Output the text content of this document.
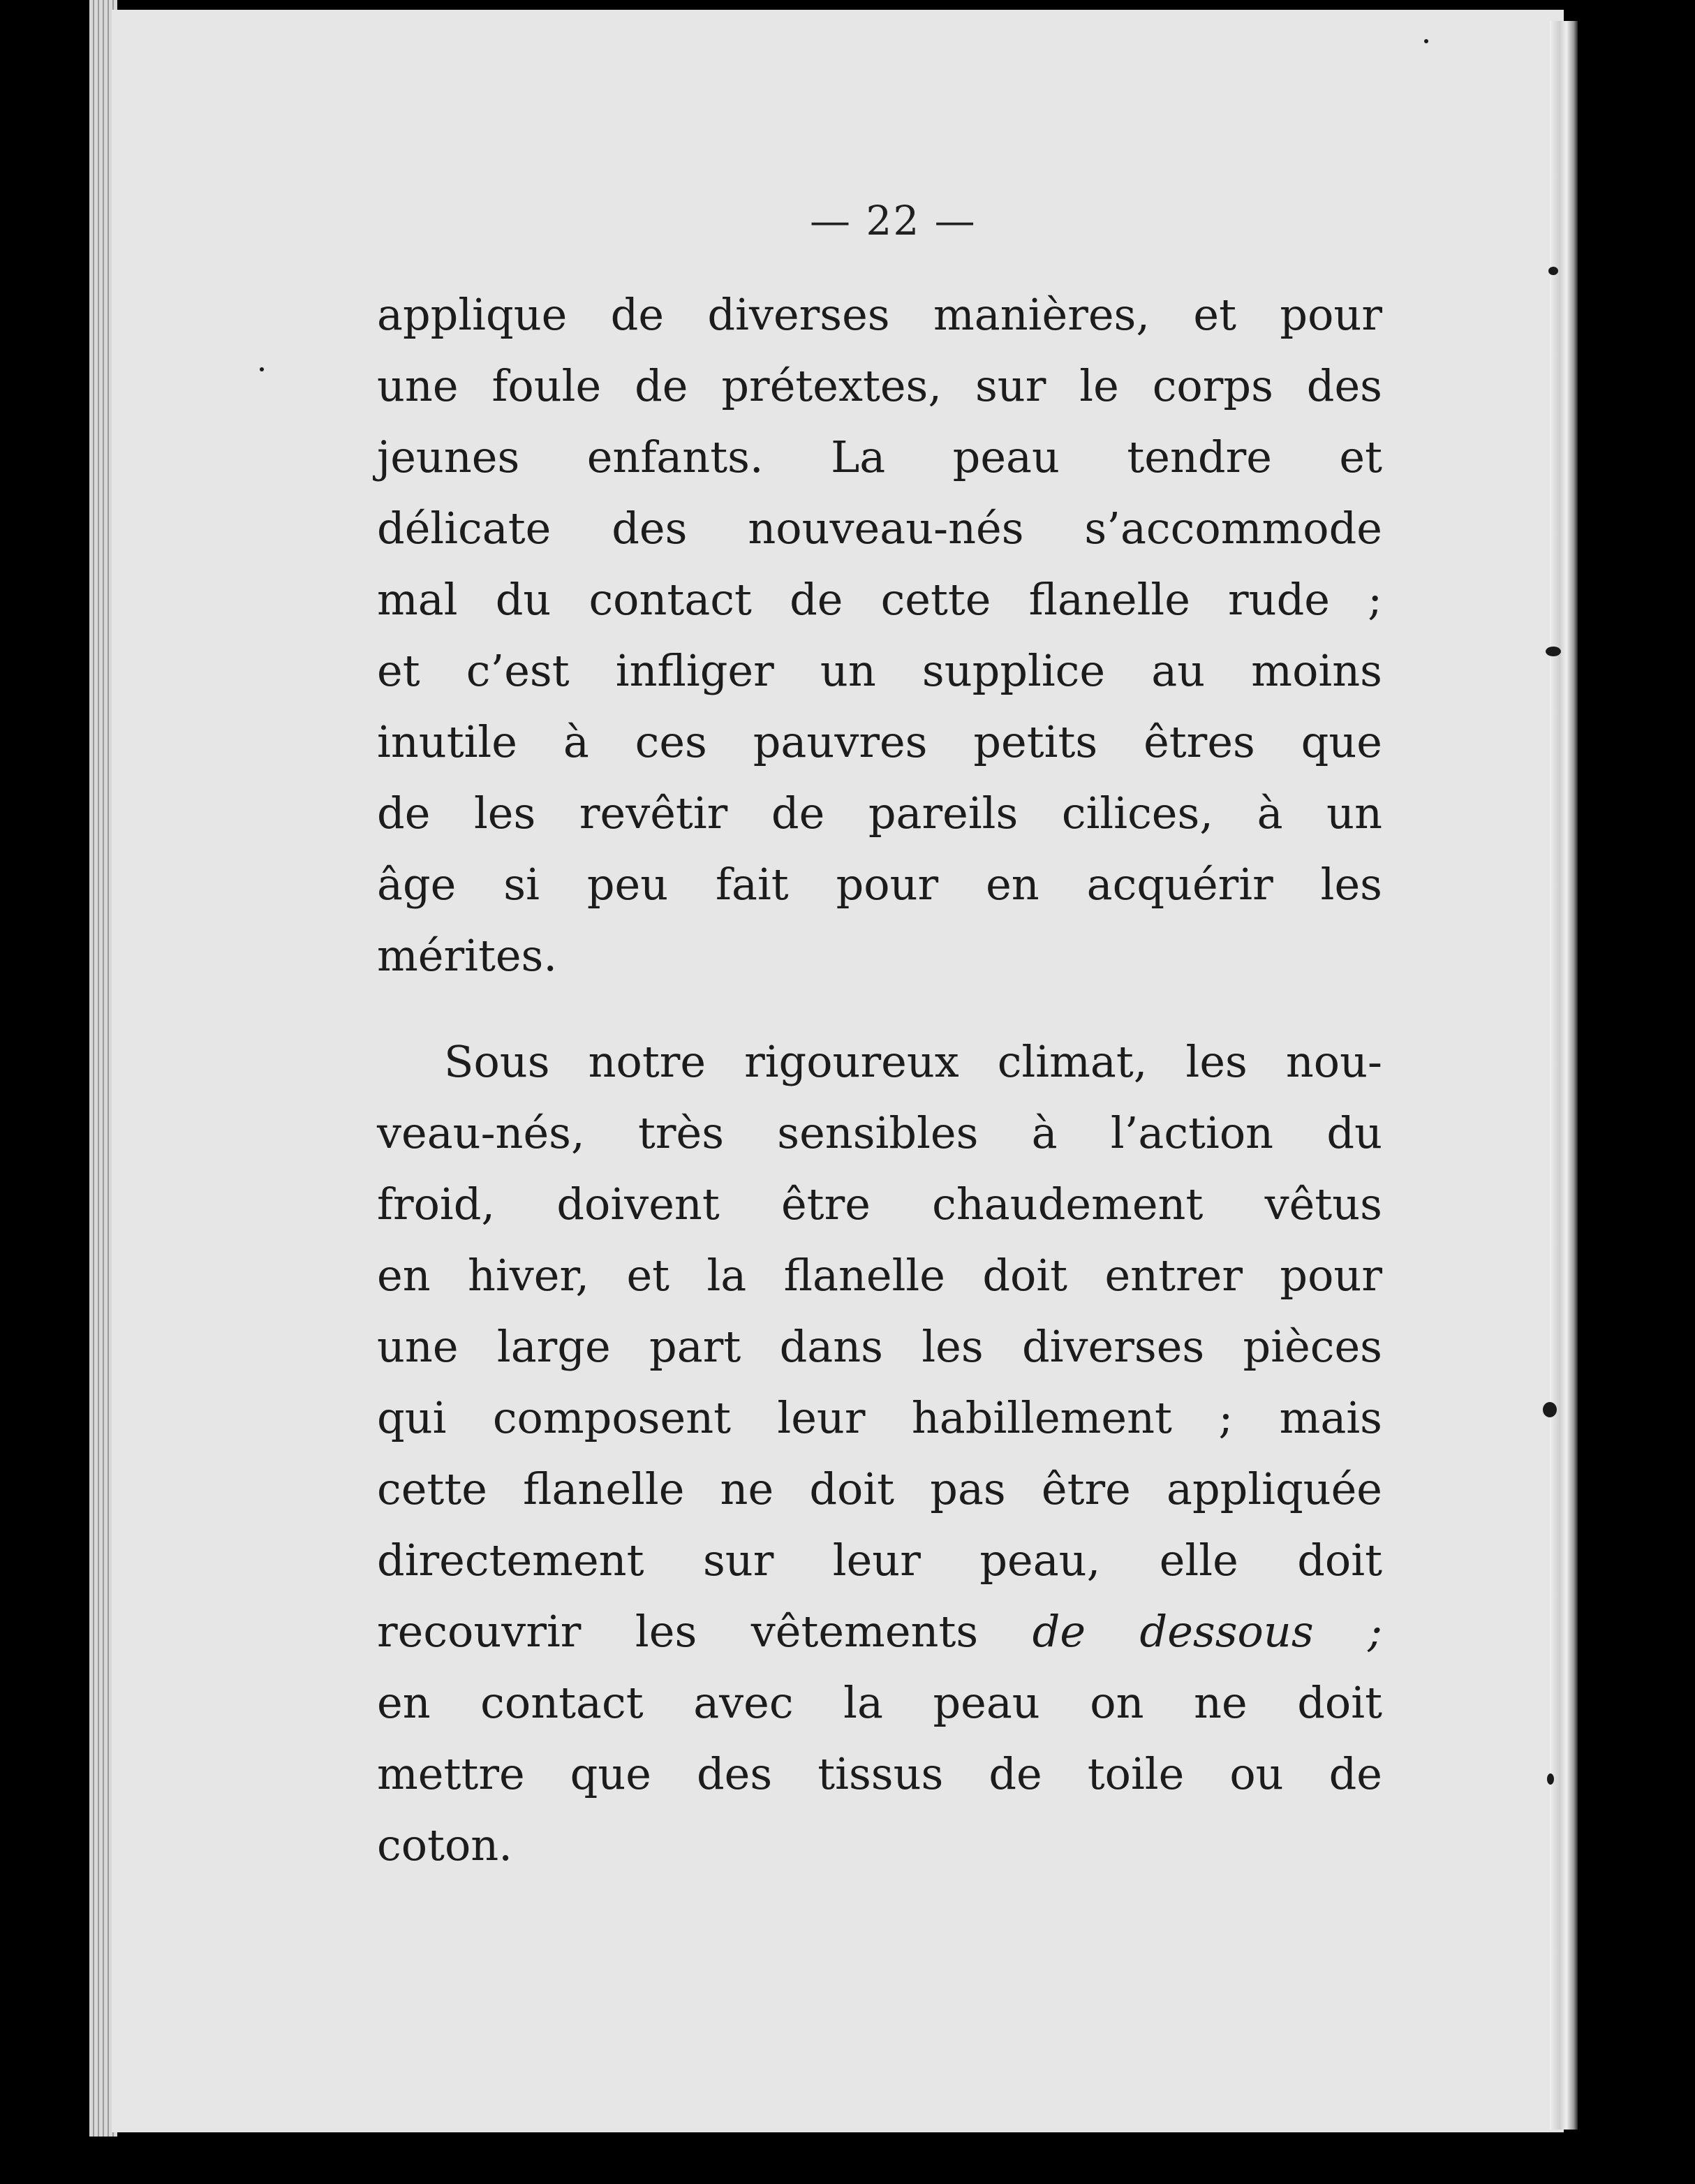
— 22 —

applique de diverses manières, et pour
une foule de prétextes, sur le corps des
jeunes enfants. La peau tendre et
délicate des nouveau-nés s’accommode
mal du contact de cette flanelle rude ;
et c’est infliger un supplice au moins
inutile à ces pauvres petits êtres que
de les revêtir de pareils cilices, à un
âge si peu fait pour en acquérir les
mérites.

Sous notre rigoureux climat, les nou-
veau-nés, très sensibles à l’action du
froid, doivent être chaudement vêtus
en hiver, et la flanelle doit entrer pour
une large part dans les diverses pièces
qui composent leur habillement ; mais
cette flanelle ne doit pas être appliquée
directement sur leur peau, elle doit
recouvrir les vêtements de dessous ;
en contact avec la peau on ne doit
mettre que des tissus de toile ou de
coton.
